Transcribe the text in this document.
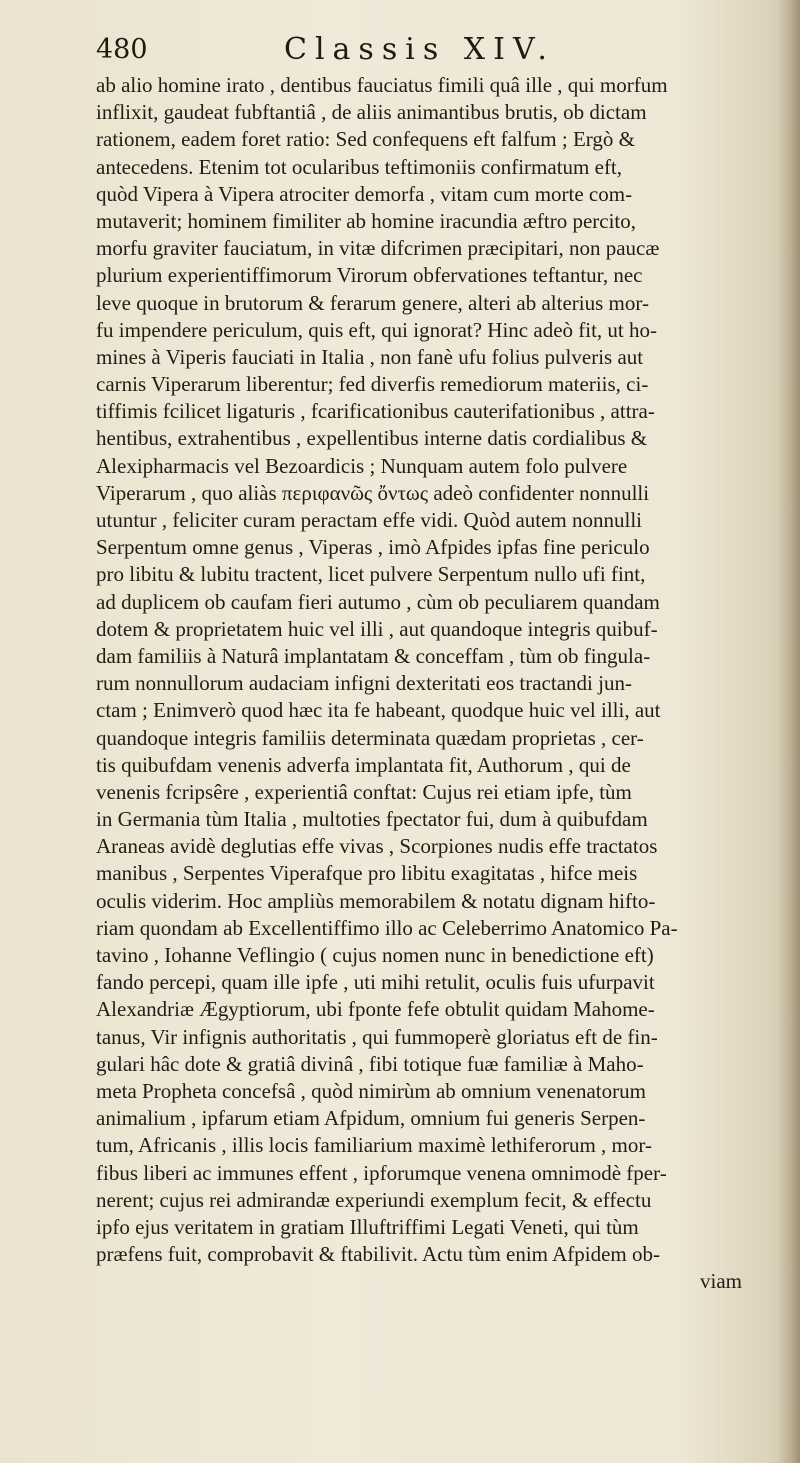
480	Classis XIV.
ab alio homine irato , dentibus fauciatus fimili quâ ille , qui morfum
inflixit, gaudeat fubftantiâ , de aliis animantibus brutis, ob dictam
rationem, eadem foret ratio: Sed confequens eft falfum ; Ergò &
antecedens. Etenim tot ocularibus teftimoniis confirmatum eft,
quòd Vipera à Vipera atrociter demorfa , vitam cum morte com-
mutaverit; hominem fimiliter ab homine iracundia æftro percito,
morfu graviter fauciatum, in vitæ difcrimen præcipitari, non paucæ
plurium experientiffimorum Virorum obfervationes teftantur, nec
leve quoque in brutorum & ferarum genere, alteri ab alterius mor-
fu impendere periculum, quis eft, qui ignorat? Hinc adeò fit, ut ho-
mines à Viperis fauciati in Italia , non fanè ufu folius pulveris aut
carnis Viperarum liberentur; fed diverfis remediorum materiis, ci-
tiffimis fcilicet ligaturis , fcarificationibus cauterifationibus , attra-
hentibus, extrahentibus , expellentibus interne datis cordialibus &
Alexipharmacis vel Bezoardicis ; Nunquam autem folo pulvere
Viperarum , quo aliàs περιφανῶς ὄντως adeò confidenter nonnulli
utuntur , feliciter curam peractam effe vidi. Quòd autem nonnulli
Serpentum omne genus , Viperas , imò Afpides ipfas fine periculo
pro libitu & lubitu tractent, licet pulvere Serpentum nullo ufi fint,
ad duplicem ob caufam fieri autumo , cùm ob peculiarem quandam
dotem & proprietatem huic vel illi , aut quandoque integris quibuf-
dam familiis à Naturâ implantatam & conceffam , tùm ob fingula-
rum nonnullorum audaciam infigni dexteritati eos tractandi jun-
ctam ; Enimverò quod hæc ita fe habeant, quodque huic vel illi, aut
quandoque integris familiis determinata quædam proprietas , cer-
tis quibufdam venenis adverfa implantata fit, Authorum , qui de
venenis fcripsêre , experientiâ conftat: Cujus rei etiam ipfe, tùm
in Germania tùm Italia , multoties fpectator fui, dum à quibufdam
Araneas avidè deglutias effe vivas , Scorpiones nudis effe tractatos
manibus , Serpentes Viperafque pro libitu exagitatas , hifce meis
oculis viderim. Hoc ampliùs memorabilem & notatu dignam hifto-
riam quondam ab Excellentiffimo illo ac Celeberrimo Anatomico Pa-
tavino , Iohanne Veflingio ( cujus nomen nunc in benedictione eft)
fando percepi, quam ille ipfe , uti mihi retulit, oculis fuis ufurpavit
Alexandriæ Ægyptiorum, ubi fponte fefe obtulit quidam Mahome-
tanus, Vir infignis authoritatis , qui fummoperè gloriatus eft de fin-
gulari hâc dote & gratiâ divinâ , fibi totique fuæ familiæ à Maho-
meta Propheta concefsâ , quòd nimirùm ab omnium venenatorum
animalium , ipfarum etiam Afpidum, omnium fui generis Serpen-
tum, Africanis , illis locis familiarium maximè lethiferorum , mor-
fibus liberi ac immunes effent , ipforumque venena omnimodè fper-
nerent; cujus rei admirandæ experiundi exemplum fecit, & effectu
ipfo ejus veritatem in gratiam Illuftriffimi Legati Veneti, qui tùm
præfens fuit, comprobavit & ftabilivit. Actu tùm enim Afpidem ob-
viam
